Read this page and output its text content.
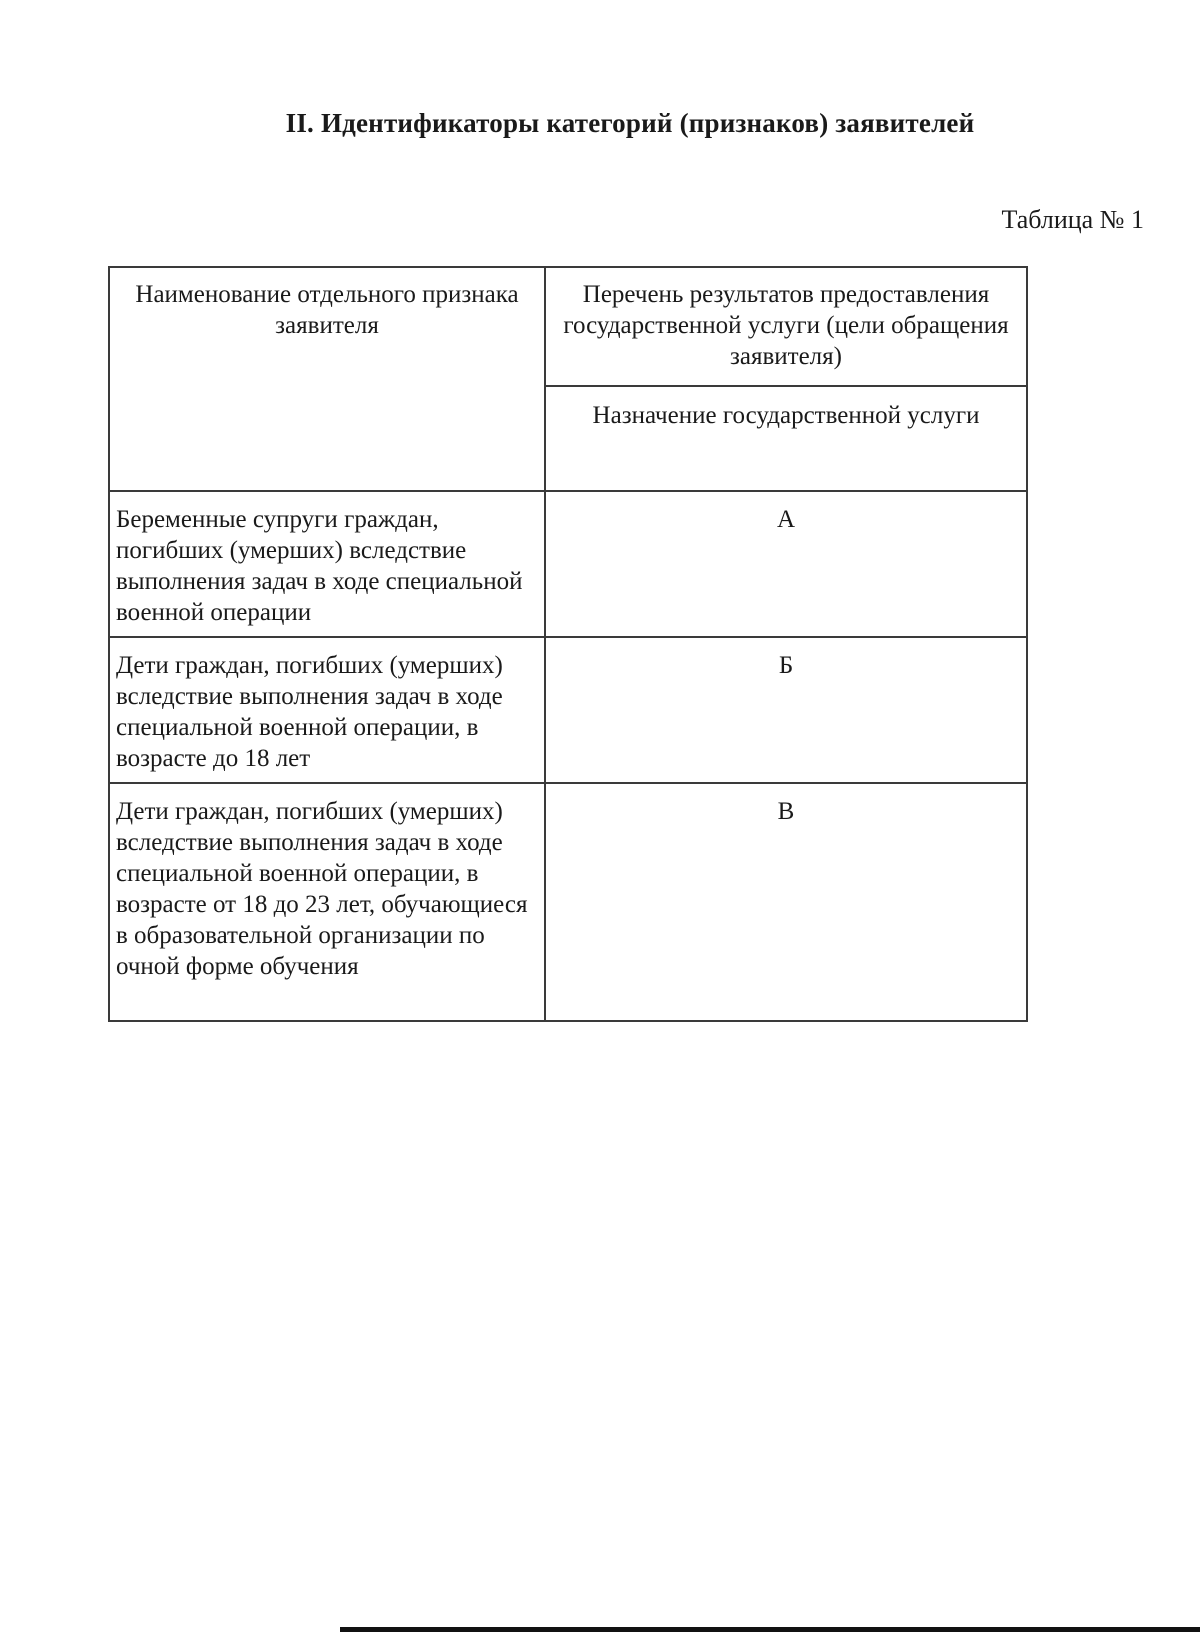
II. Идентификаторы категорий (признаков) заявителей
Таблица № 1
Наименование отдельного признака заявителя	Перечень результатов предоставления государственной услуги (цели обращения заявителя)
	Назначение государственной услуги
Беременные супруги граждан, погибших (умерших) вследствие выполнения задач в ходе специальной военной операции	А
Дети граждан, погибших (умерших) вследствие выполнения задач в ходе специальной военной операции, в возрасте до 18 лет	Б
Дети граждан, погибших (умерших) вследствие выполнения задач в ходе специальной военной операции, в возрасте от 18 до 23 лет, обучающиеся в образовательной организации по очной форме обучения	В
